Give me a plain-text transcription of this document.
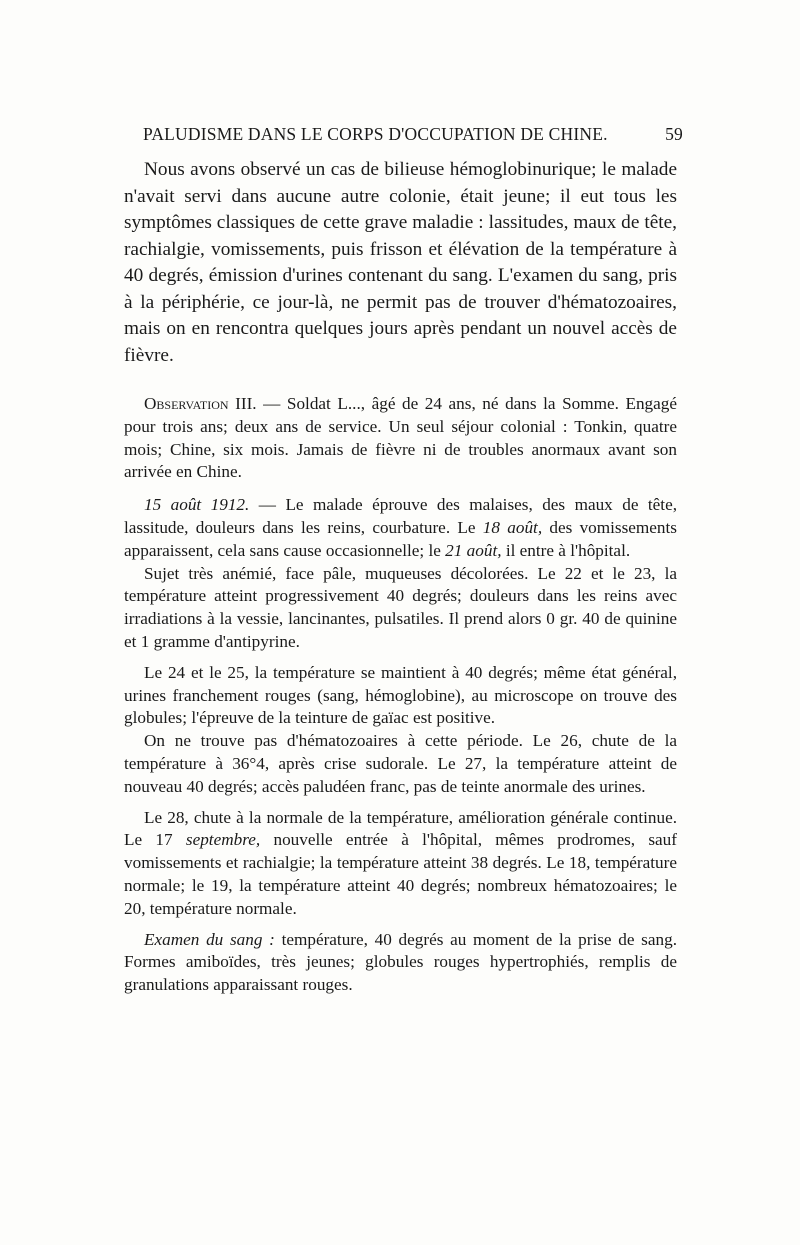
PALUDISME DANS LE CORPS D'OCCUPATION DE CHINE.	59

Nous avons observé un cas de bilieuse hémoglobinurique; le malade n'avait servi dans aucune autre colonie, était jeune; il eut tous les symptômes classiques de cette grave maladie : lassitudes, maux de tête, rachialgie, vomissements, puis frisson et élévation de la température à 40 degrés, émission d'urines contenant du sang. L'examen du sang, pris à la périphérie, ce jour-là, ne permit pas de trouver d'hématozoaires, mais on en rencontra quelques jours après pendant un nouvel accès de fièvre.

Observation III. — Soldat L..., âgé de 24 ans, né dans la Somme. Engagé pour trois ans; deux ans de service. Un seul séjour colonial : Tonkin, quatre mois; Chine, six mois. Jamais de fièvre ni de troubles anormaux avant son arrivée en Chine.

15 août 1912. — Le malade éprouve des malaises, des maux de tête, lassitude, douleurs dans les reins, courbature. Le 18 août, des vomissements apparaissent, cela sans cause occasionnelle; le 21 août, il entre à l'hôpital.

Sujet très anémié, face pâle, muqueuses décolorées. Le 22 et le 23, la température atteint progressivement 40 degrés; douleurs dans les reins avec irradiations à la vessie, lancinantes, pulsatiles. Il prend alors 0 gr. 40 de quinine et 1 gramme d'antipyrine.

Le 24 et le 25, la température se maintient à 40 degrés; même état général, urines franchement rouges (sang, hémoglobine), au microscope on trouve des globules; l'épreuve de la teinture de gaïac est positive.

On ne trouve pas d'hématozoaires à cette période. Le 26, chute de la température à 36°4, après crise sudorale. Le 27, la température atteint de nouveau 40 degrés; accès paludéen franc, pas de teinte anormale des urines.

Le 28, chute à la normale de la température, amélioration générale continue. Le 17 septembre, nouvelle entrée à l'hôpital, mêmes prodromes, sauf vomissements et rachialgie; la température atteint 38 degrés. Le 18, température normale; le 19, la température atteint 40 degrés; nombreux hématozoaires; le 20, température normale.

Examen du sang : température, 40 degrés au moment de la prise de sang. Formes amiboïdes, très jeunes; globules rouges hypertrophiés, remplis de granulations apparaissant rouges.
